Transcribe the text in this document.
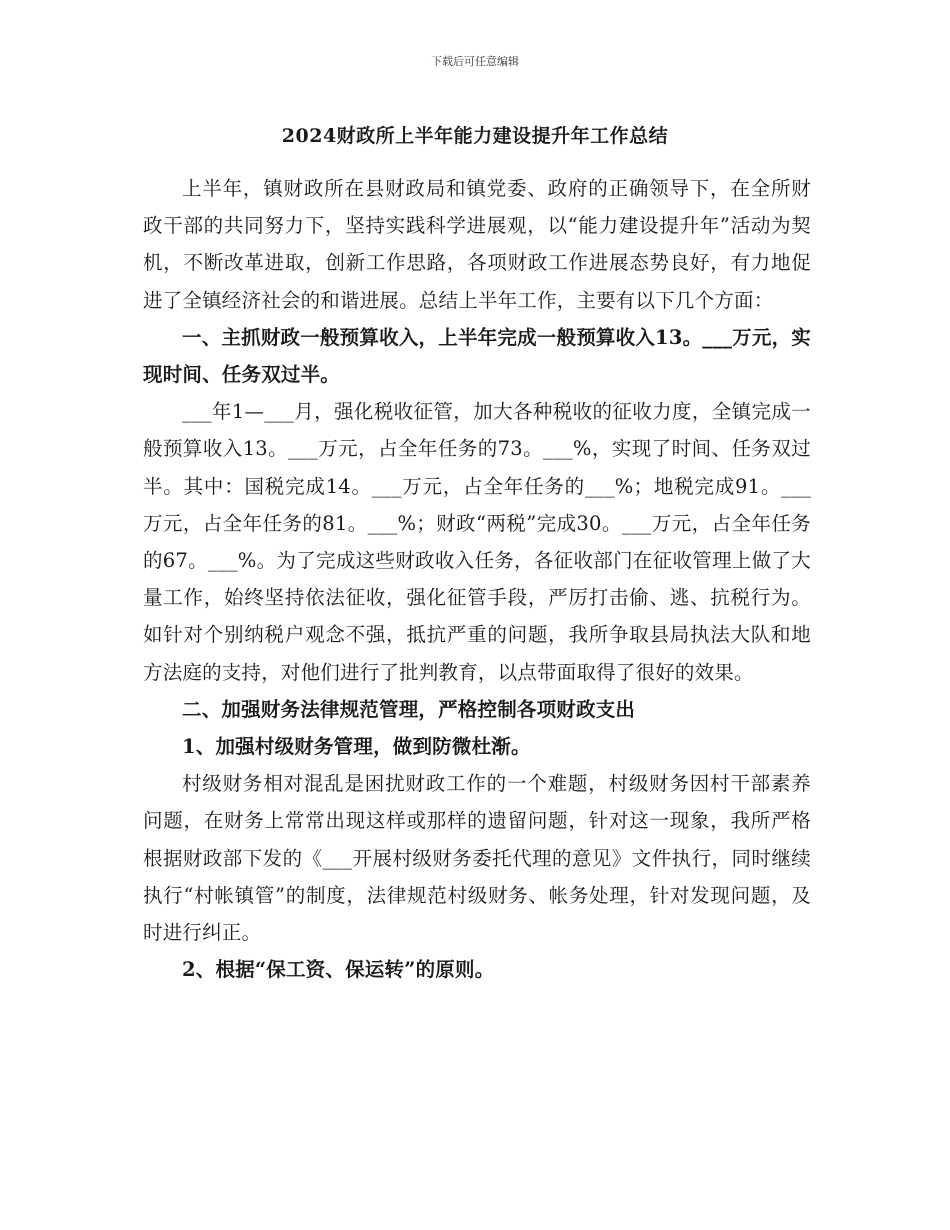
下载后可任意编辑
2024财政所上半年能力建设提升年工作总结

上半年，镇财政所在县财政局和镇党委、政府的正确领导下，在全所财政干部的共同努力下，坚持实践科学进展观，以“能力建设提升年”活动为契机，不断改革进取，创新工作思路，各项财政工作进展态势良好，有力地促进了全镇经济社会的和谐进展。总结上半年工作，主要有以下几个方面：

一、主抓财政一般预算收入，上半年完成一般预算收入13。___万元，实现时间、任务双过半。

___年1—___月，强化税收征管，加大各种税收的征收力度，全镇完成一般预算收入13。___万元，占全年任务的73。___%，实现了时间、任务双过半。其中：国税完成14。___万元，占全年任务的___%；地税完成91。___万元，占全年任务的81。___%；财政“两税”完成30。___万元，占全年任务的67。___%。为了完成这些财政收入任务，各征收部门在征收管理上做了大量工作，始终坚持依法征收，强化征管手段，严厉打击偷、逃、抗税行为。如针对个别纳税户观念不强，抵抗严重的问题，我所争取县局执法大队和地方法庭的支持，对他们进行了批判教育，以点带面取得了很好的效果。

二、加强财务法律规范管理，严格控制各项财政支出

1、加强村级财务管理，做到防微杜渐。

村级财务相对混乱是困扰财政工作的一个难题，村级财务因村干部素养问题，在财务上常常出现这样或那样的遗留问题，针对这一现象，我所严格根据财政部下发的《___开展村级财务委托代理的意见》文件执行，同时继续执行“村帐镇管”的制度，法律规范村级财务、帐务处理，针对发现问题，及时进行纠正。

2、根据“保工资、保运转”的原则。
